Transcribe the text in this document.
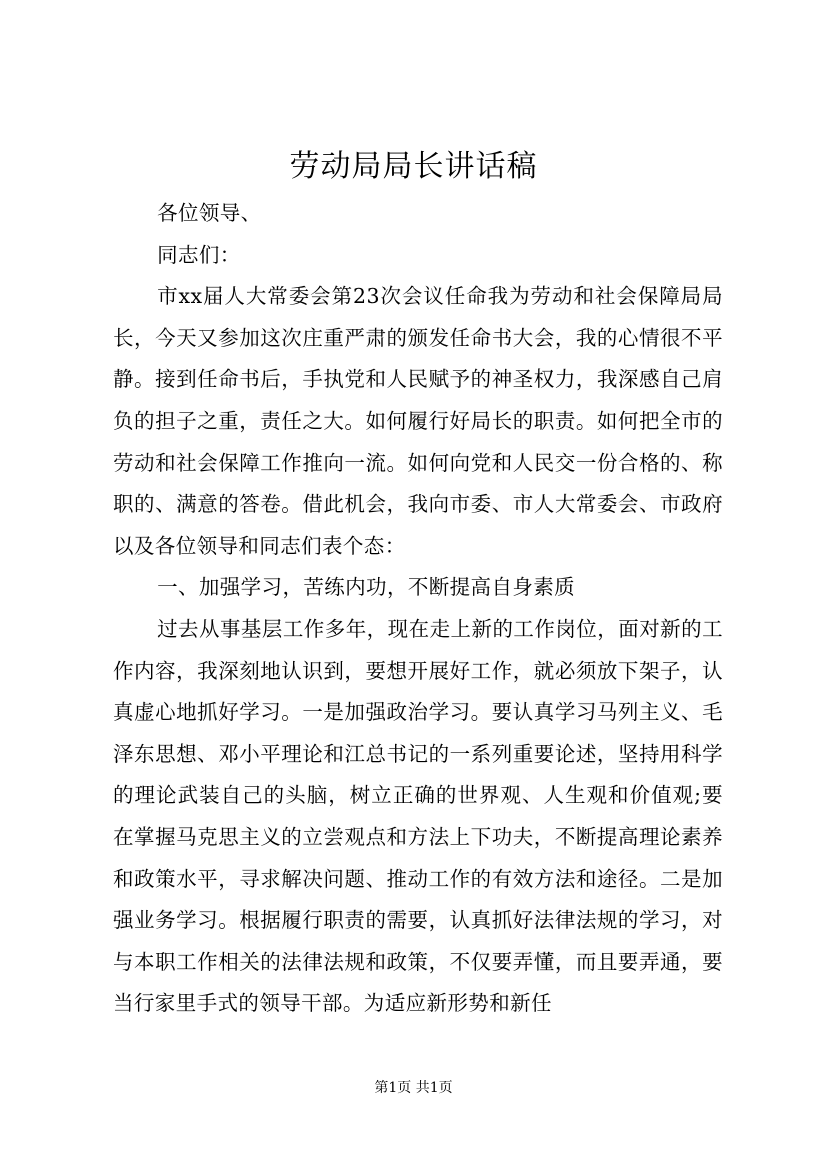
劳动局局长讲话稿

各位领导、

同志们：

市xx届人大常委会第23次会议任命我为劳动和社会保障局局长，今天又参加这次庄重严肃的颁发任命书大会，我的心情很不平静。接到任命书后，手执党和人民赋予的神圣权力，我深感自己肩负的担子之重，责任之大。如何履行好局长的职责。如何把全市的劳动和社会保障工作推向一流。如何向党和人民交一份合格的、称职的、满意的答卷。借此机会，我向市委、市人大常委会、市政府以及各位领导和同志们表个态：

一、加强学习，苦练内功，不断提高自身素质

过去从事基层工作多年，现在走上新的工作岗位，面对新的工作内容，我深刻地认识到，要想开展好工作，就必须放下架子，认真虚心地抓好学习。一是加强政治学习。要认真学习马列主义、毛泽东思想、邓小平理论和江总书记的一系列重要论述，坚持用科学的理论武装自己的头脑，树立正确的世界观、人生观和价值观;要在掌握马克思主义的立尝观点和方法上下功夫，不断提高理论素养和政策水平，寻求解决问题、推动工作的有效方法和途径。二是加强业务学习。根据履行职责的需要，认真抓好法律法规的学习，对与本职工作相关的法律法规和政策，不仅要弄懂，而且要弄通，要当行家里手式的领导干部。为适应新形势和新任

第1页 共1页
